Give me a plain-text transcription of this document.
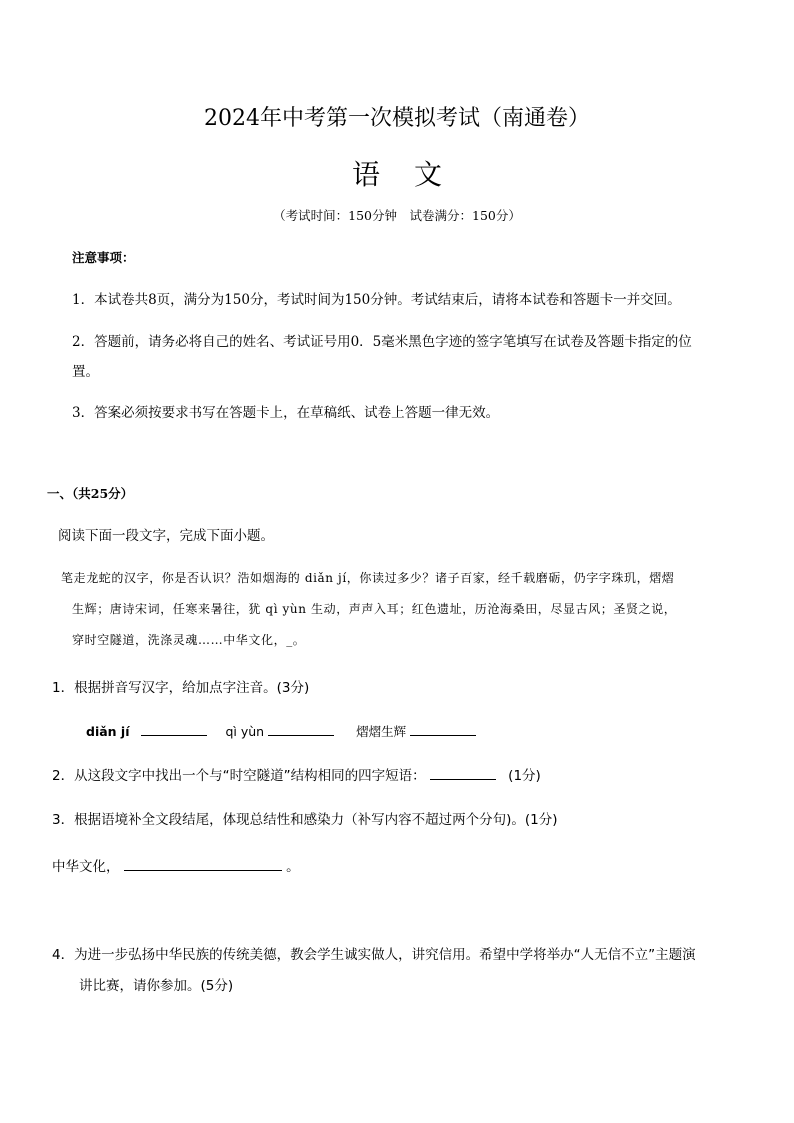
2024年中考第一次模拟考试（南通卷）
语文
（考试时间：150分钟　试卷满分：150分）
注意事项：
1．本试卷共8页，满分为150分，考试时间为150分钟。考试结束后，请将本试卷和答题卡一并交回。
2．答题前，请务必将自己的姓名、考试证号用0．5毫米黑色字迹的签字笔填写在试卷及答题卡指定的位
置。
3．答案必须按要求书写在答题卡上，在草稿纸、试卷上答题一律无效。
一、（共25分）
阅读下面一段文字，完成下面小题。
笔走龙蛇的汉字，你是否认识？浩如烟海的 diǎn jí，你读过多少？诸子百家，经千载磨砺，仍字字珠玑，熠熠
生辉；唐诗宋词，任寒来暑往，犹 qì yùn 生动，声声入耳；红色遗址，历沧海桑田，尽显古风；圣贤之说，
穿时空隧道，洗涤灵魂……中华文化，_。
1．根据拼音写汉字，给加点字注音。(3分)
diǎn jí	qì yùn	熠熠生辉
2．从这段文字中找出一个与“时空隧道”结构相同的四字短语：	(1分)
3．根据语境补全文段结尾，体现总结性和感染力（补写内容不超过两个分句)。(1分)
中华文化，	。
4．为进一步弘扬中华民族的传统美德，教会学生诚实做人，讲究信用。希望中学将举办“人无信不立”主题演
讲比赛，请你参加。(5分)
